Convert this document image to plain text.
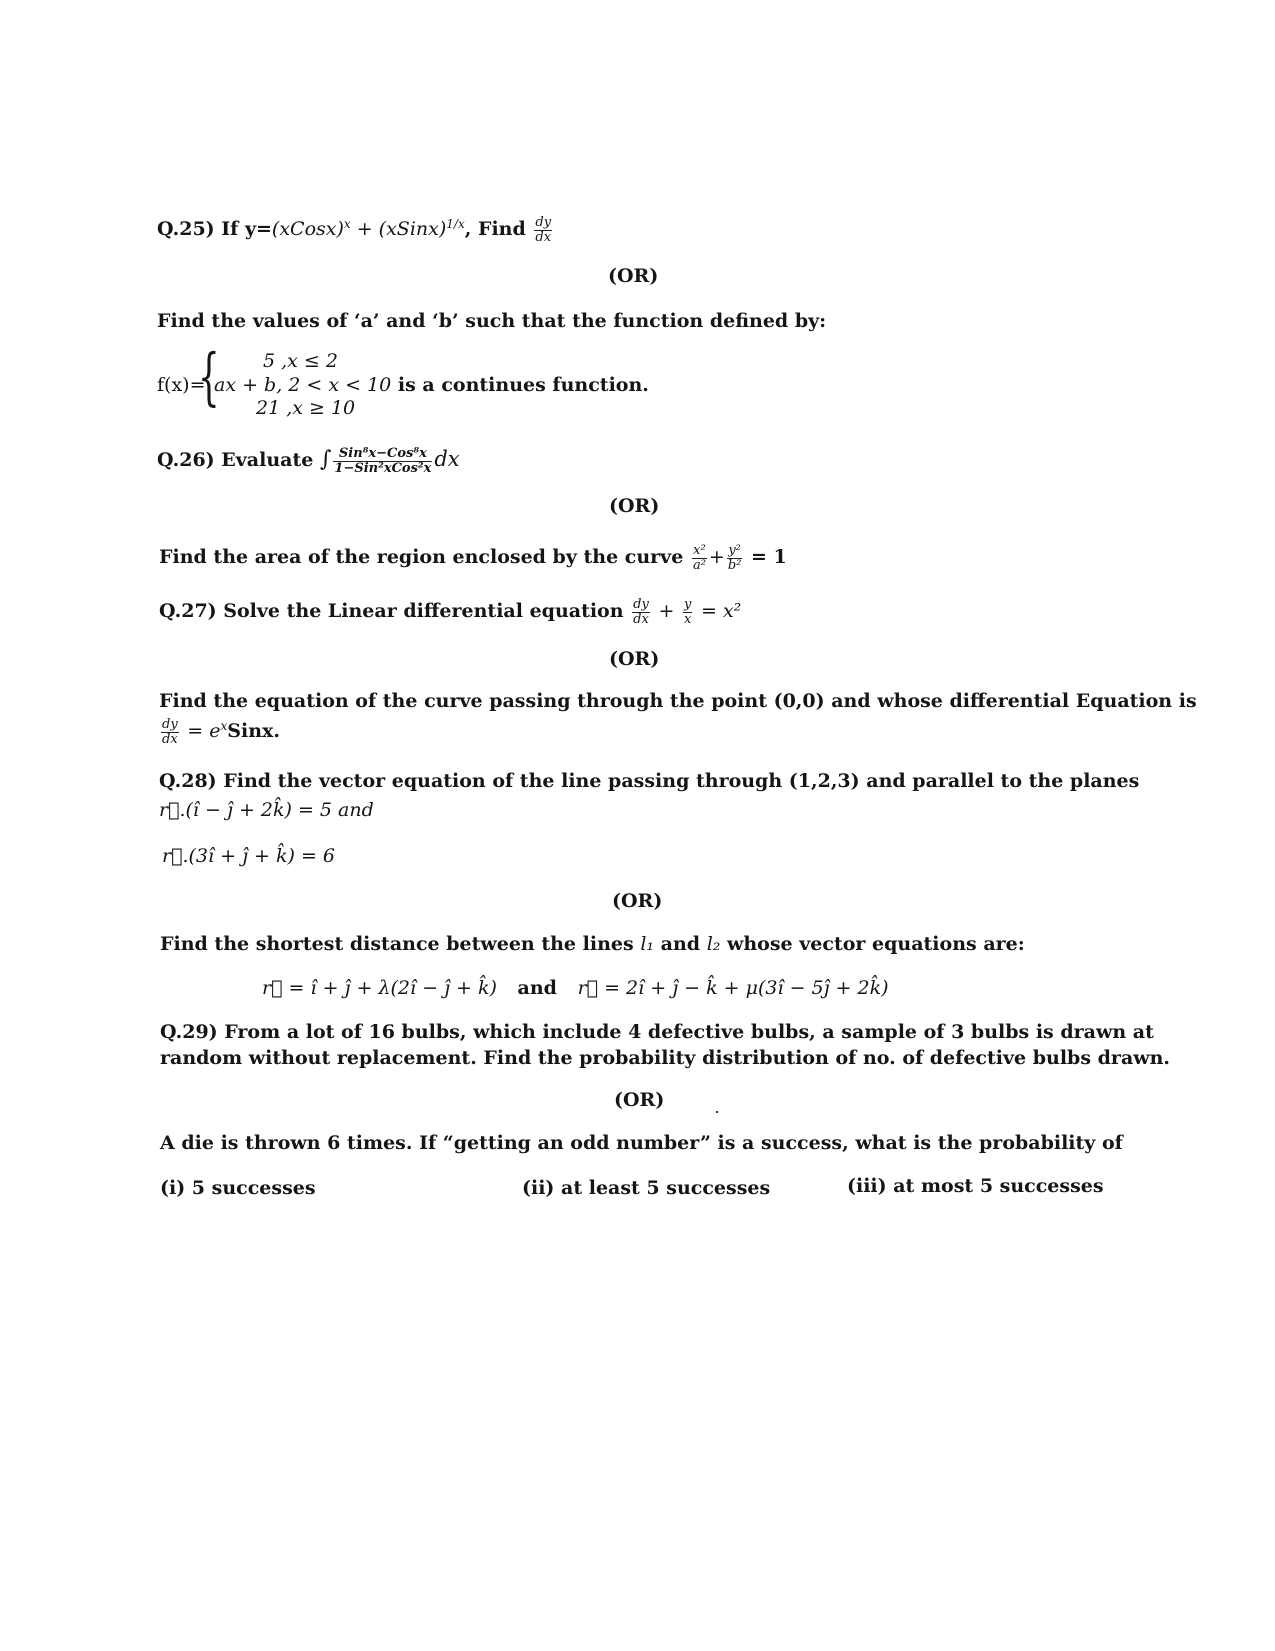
Q.25) If y=(xCosx)$^x$ + (xSinx)$^{1/x}$, Find $\frac{dy}{dx}$
(OR)
Find the values of ‘a’ and ‘b’ such that the function defined by:
f(x)=
{ 5 ,x ≤ 2
ax + b, 2 < x < 10 is a continues function.
21 ,x ≥ 10
Q.26) Evaluate ∫ $\frac{\text{Sin⁸x−Cos⁸x}}{\text{1−Sin²xCos²x}}$ dx
(OR)
Find the area of the region enclosed by the curve $\frac{\text{x²}}{\text{a²}} + \frac{\text{y²}}{\text{b²}} = 1$
Q.27) Solve the Linear differential equation $\frac{dy}{dx} + \frac{y}{x} = x^2$
(OR)
Find the equation of the curve passing through the point (0,0) and whose differential Equation is
$\frac{dy}{dx}$ = $e^xSinx$.
Q.28) Find the vector equation of the line passing through (1,2,3) and parallel to the planes
r⃗.(î − ĵ + 2k̂) = 5 and
r⃗.(3î + ĵ + k̂) = 6
(OR)
Find the shortest distance between the lines l₁ and l₂ whose vector equations are:
r⃗ = î + ĵ + λ(2î − ĵ + k̂) and r⃗ = 2î + ĵ − k̂ + μ(3î − 5ĵ + 2k̂)
Q.29) From a lot of 16 bulbs, which include 4 defective bulbs, a sample of 3 bulbs is drawn at
random without replacement. Find the probability distribution of no. of defective bulbs drawn.
(OR)
A die is thrown 6 times. If “getting an odd number” is a success, what is the probability of
(i) 5 successes	(ii) at least 5 successes	(iii) at most 5 successes
